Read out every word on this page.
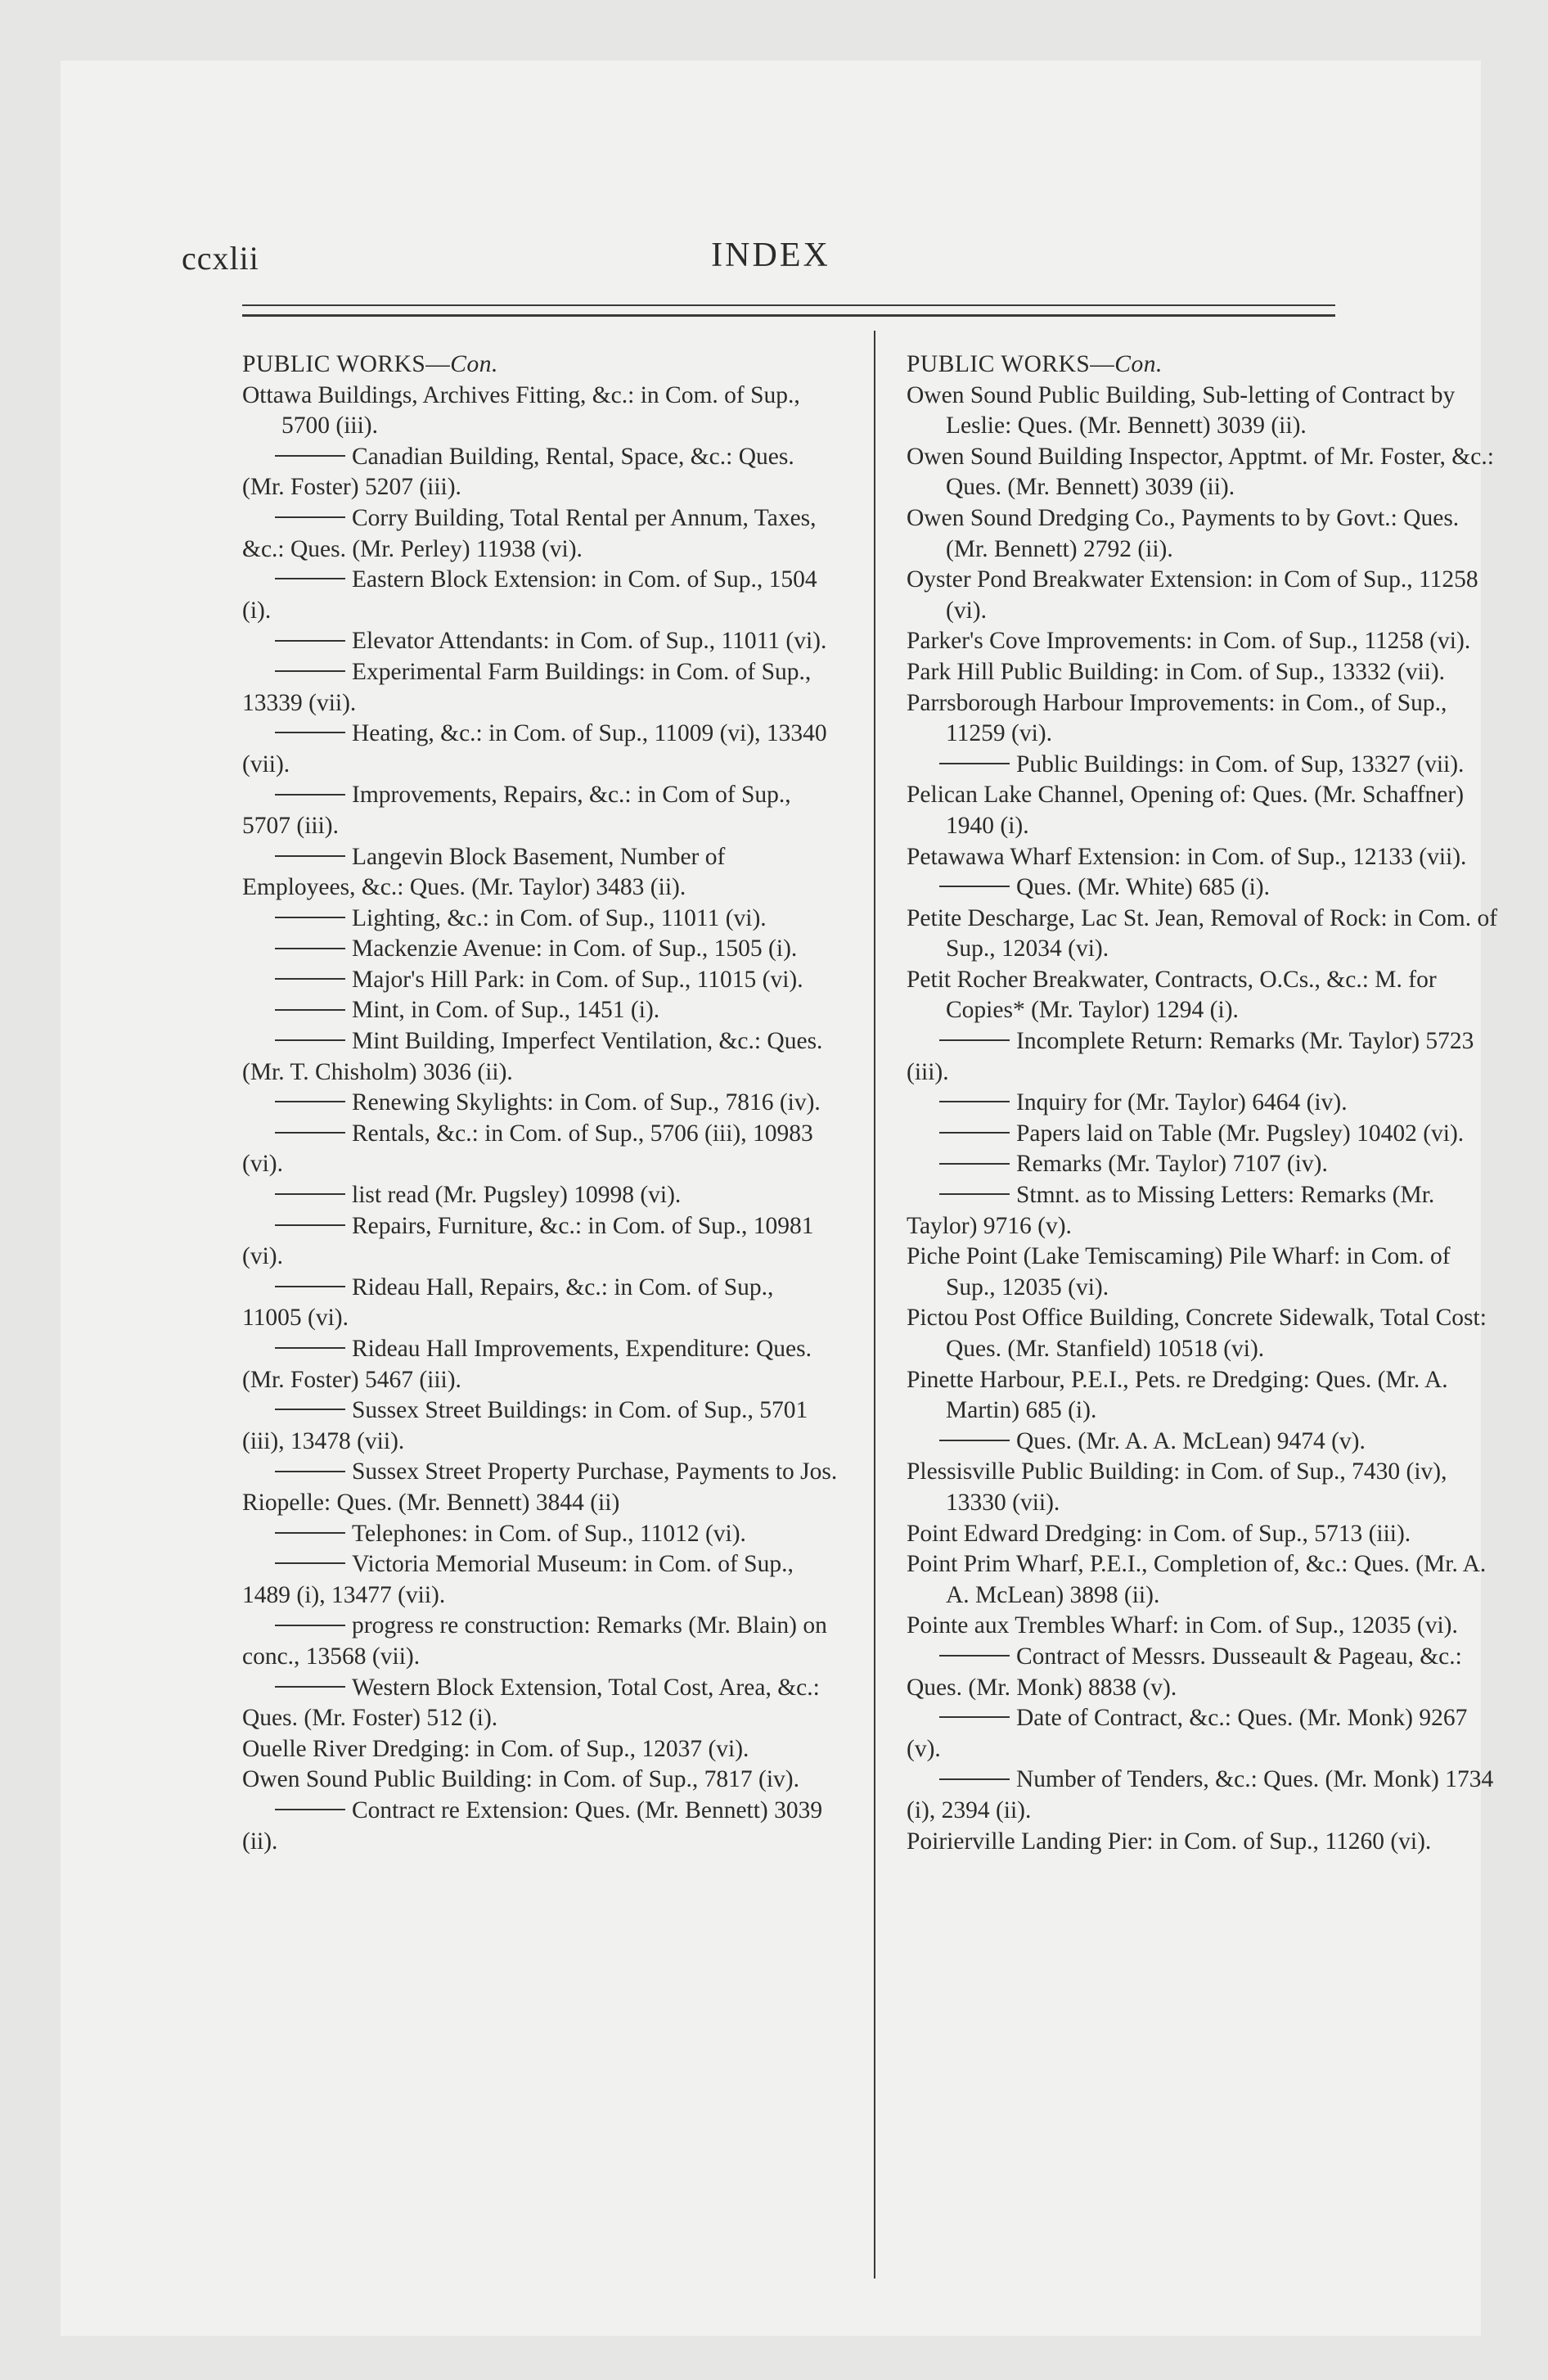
ccxlii	INDEX

PUBLIC WORKS—Con.

Ottawa Buildings, Archives Fitting, &c.: in Com. of Sup., 5700 (iii).

Canadian Building, Rental, Space, &c.: Ques. (Mr. Foster) 5207 (iii).

Corry Building, Total Rental per Annum, Taxes, &c.: Ques. (Mr. Perley) 11938 (vi).

Eastern Block Extension: in Com. of Sup., 1504 (i).

Elevator Attendants: in Com. of Sup., 11011 (vi).

Experimental Farm Buildings: in Com. of Sup., 13339 (vii).

Heating, &c.: in Com. of Sup., 11009 (vi), 13340 (vii).

Improvements, Repairs, &c.: in Com of Sup., 5707 (iii).

Langevin Block Basement, Number of Employees, &c.: Ques. (Mr. Taylor) 3483 (ii).

Lighting, &c.: in Com. of Sup., 11011 (vi).

Mackenzie Avenue: in Com. of Sup., 1505 (i).

Major's Hill Park: in Com. of Sup., 11015 (vi).

Mint, in Com. of Sup., 1451 (i).

Mint Building, Imperfect Ventilation, &c.: Ques. (Mr. T. Chisholm) 3036 (ii).

Renewing Skylights: in Com. of Sup., 7816 (iv).

Rentals, &c.: in Com. of Sup., 5706 (iii), 10983 (vi).

list read (Mr. Pugsley) 10998 (vi).

Repairs, Furniture, &c.: in Com. of Sup., 10981 (vi).

Rideau Hall, Repairs, &c.: in Com. of Sup., 11005 (vi).

Rideau Hall Improvements, Expenditure: Ques. (Mr. Foster) 5467 (iii).

Sussex Street Buildings: in Com. of Sup., 5701 (iii), 13478 (vii).

Sussex Street Property Purchase, Payments to Jos. Riopelle: Ques. (Mr. Bennett) 3844 (ii)

Telephones: in Com. of Sup., 11012 (vi).

Victoria Memorial Museum: in Com. of Sup., 1489 (i), 13477 (vii).

progress re construction: Remarks (Mr. Blain) on conc., 13568 (vii).

Western Block Extension, Total Cost, Area, &c.: Ques. (Mr. Foster) 512 (i).

Ouelle River Dredging: in Com. of Sup., 12037 (vi).

Owen Sound Public Building: in Com. of Sup., 7817 (iv).

Contract re Extension: Ques. (Mr. Bennett) 3039 (ii).

PUBLIC WORKS—Con.

Owen Sound Public Building, Sub-letting of Contract by Leslie: Ques. (Mr. Bennett) 3039 (ii).

Owen Sound Building Inspector, Apptmt. of Mr. Foster, &c.: Ques. (Mr. Bennett) 3039 (ii).

Owen Sound Dredging Co., Payments to by Govt.: Ques. (Mr. Bennett) 2792 (ii).

Oyster Pond Breakwater Extension: in Com of Sup., 11258 (vi).

Parker's Cove Improvements: in Com. of Sup., 11258 (vi).

Park Hill Public Building: in Com. of Sup., 13332 (vii).

Parrsborough Harbour Improvements: in Com., of Sup., 11259 (vi).

Public Buildings: in Com. of Sup, 13327 (vii).

Pelican Lake Channel, Opening of: Ques. (Mr. Schaffner) 1940 (i).

Petawawa Wharf Extension: in Com. of Sup., 12133 (vii).

Ques. (Mr. White) 685 (i).

Petite Descharge, Lac St. Jean, Removal of Rock: in Com. of Sup., 12034 (vi).

Petit Rocher Breakwater, Contracts, O.Cs., &c.: M. for Copies* (Mr. Taylor) 1294 (i).

Incomplete Return: Remarks (Mr. Taylor) 5723 (iii).

Inquiry for (Mr. Taylor) 6464 (iv).

Papers laid on Table (Mr. Pugsley) 10402 (vi).

Remarks (Mr. Taylor) 7107 (iv).

Stmnt. as to Missing Letters: Remarks (Mr. Taylor) 9716 (v).

Piche Point (Lake Temiscaming) Pile Wharf: in Com. of Sup., 12035 (vi).

Pictou Post Office Building, Concrete Sidewalk, Total Cost: Ques. (Mr. Stanfield) 10518 (vi).

Pinette Harbour, P.E.I., Pets. re Dredging: Ques. (Mr. A. Martin) 685 (i).

Ques. (Mr. A. A. McLean) 9474 (v).

Plessisville Public Building: in Com. of Sup., 7430 (iv), 13330 (vii).

Point Edward Dredging: in Com. of Sup., 5713 (iii).

Point Prim Wharf, P.E.I., Completion of, &c.: Ques. (Mr. A. A. McLean) 3898 (ii).

Pointe aux Trembles Wharf: in Com. of Sup., 12035 (vi).

Contract of Messrs. Dusseault & Pageau, &c.: Ques. (Mr. Monk) 8838 (v).

Date of Contract, &c.: Ques. (Mr. Monk) 9267 (v).

Number of Tenders, &c.: Ques. (Mr. Monk) 1734 (i), 2394 (ii).

Poirierville Landing Pier: in Com. of Sup., 11260 (vi).
